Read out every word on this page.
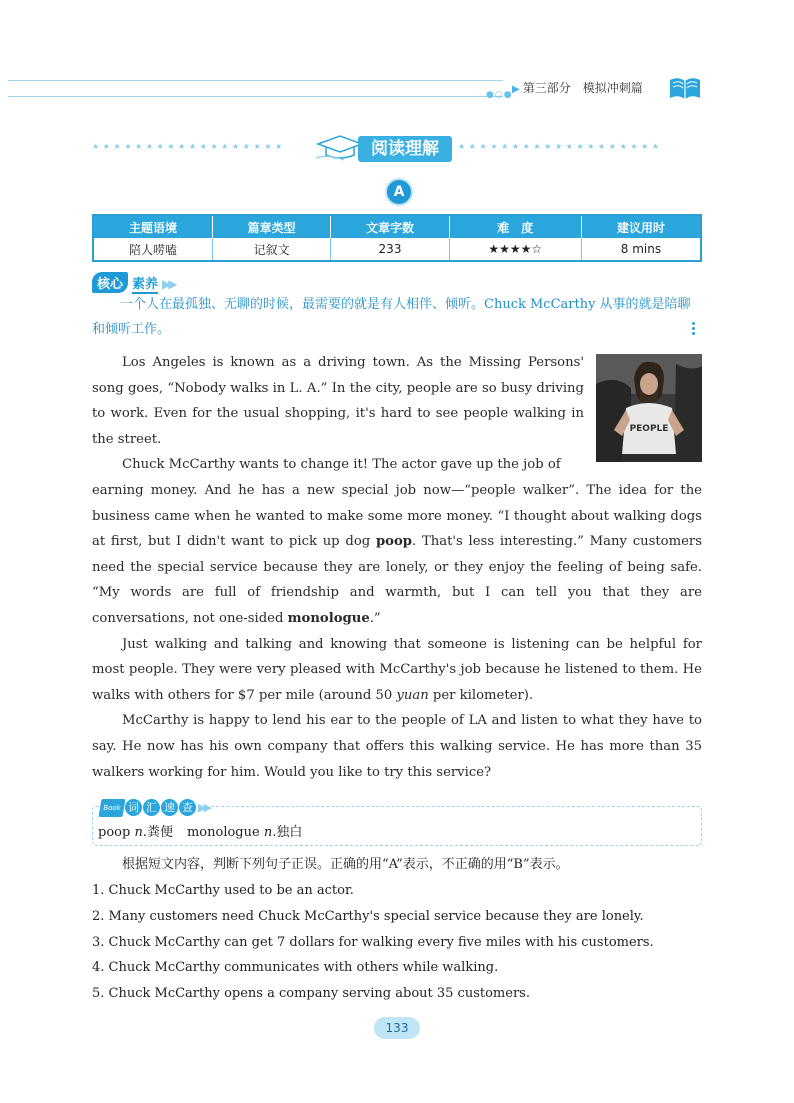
●○● ▶ 第三部分 模拟冲刺篇
★★★★★★★★★★★★★★★★★★	阅读理解	★★★★★★★★★★★★★★★★★★★
A
主题语境	篇章类型	文章字数	难　度	建议用时
陪人唠嗑	记叙文	233	★★★★☆	8 mins
核心 素养 ▶▶
一个人在最孤独、无聊的时候，最需要的就是有人相伴、倾听。Chuck McCarthy 从事的就是陪聊和倾听工作。
PEOPLE

Los Angeles is known as a driving town. As the Missing Persons' song goes, “Nobody walks in L. A.” In the city, people are so busy driving to work. Even for the usual shopping, it's hard to see people walking in the street.

Chuck McCarthy wants to change it! The actor gave up the job of

earning money. And he has a new special job now—“people walker”. The idea for the business came when he wanted to make some more money. “I thought about walking dogs at first, but I didn't want to pick up dog poop. That's less interesting.” Many customers need the special service because they are lonely, or they enjoy the feeling of being safe. “My words are full of friendship and warmth, but I can tell you that they are conversations, not one-sided monologue.”

Just walking and talking and knowing that someone is listening can be helpful for most people. They were very pleased with McCarthy's job because he listened to them. He walks with others for $7 per mile (around 50 yuan per kilometer).

McCarthy is happy to lend his ear to the people of LA and listen to what they have to say. He now has his own company that offers this walking service. He has more than 35 walkers working for him. Would you like to try this service?

Book 词 汇 速 查 ▶▶
poop n.粪便 monologue n.独白
根据短文内容，判断下列句子正误。正确的用“A”表示，不正确的用“B”表示。
1. Chuck McCarthy used to be an actor.
2. Many customers need Chuck McCarthy's special service because they are lonely.
3. Chuck McCarthy can get 7 dollars for walking every five miles with his customers.
4. Chuck McCarthy communicates with others while walking.
5. Chuck McCarthy opens a company serving about 35 customers.
133
